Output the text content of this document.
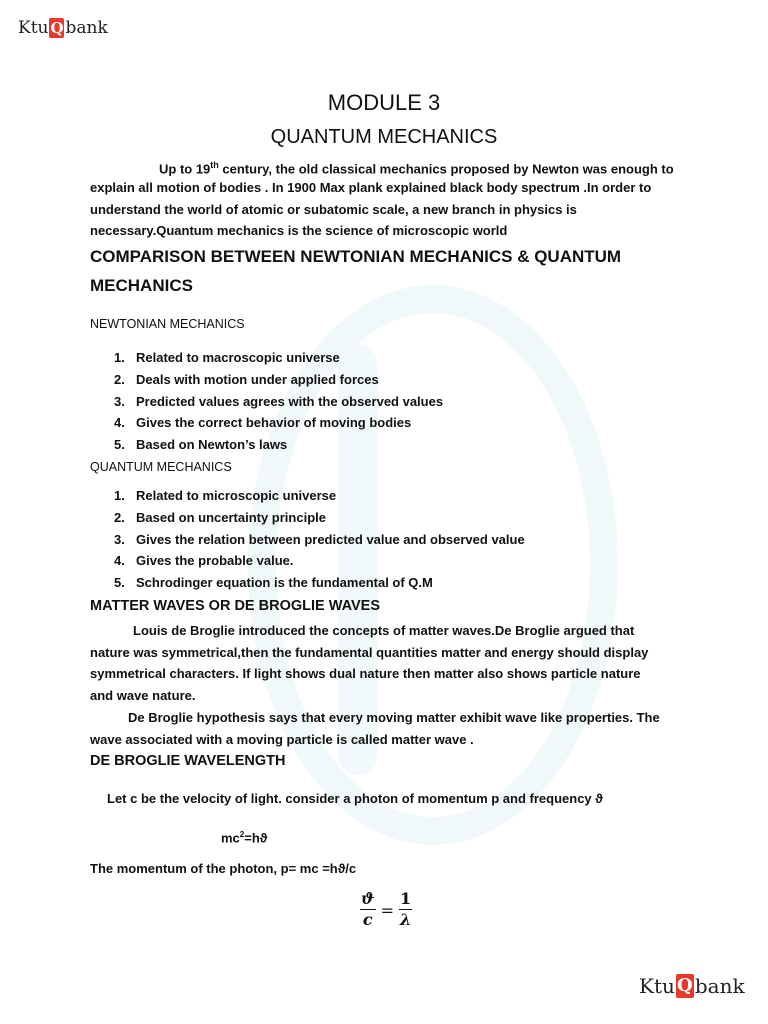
Ktu Q bank
MODULE 3
QUANTUM MECHANICS
Up to 19th century, the old classical mechanics proposed by Newton was enough to
explain all motion of bodies . In 1900 Max plank explained black body spectrum .In order to
understand the world of atomic or subatomic scale, a new branch in physics is
necessary.Quantum mechanics is the science of microscopic world
COMPARISON BETWEEN NEWTONIAN MECHANICS & QUANTUM
MECHANICS
NEWTONIAN MECHANICS
1. Related to macroscopic universe
2. Deals with motion under applied forces
3. Predicted values agrees with the observed values
4. Gives the correct behavior of moving bodies
5. Based on Newton’s laws
QUANTUM MECHANICS
1. Related to microscopic universe
2. Based on uncertainty principle
3. Gives the relation between predicted value and observed value
4. Gives the probable value.
5. Schrodinger equation is the fundamental of Q.M
MATTER WAVES OR DE BROGLIE WAVES
Louis de Broglie introduced the concepts of matter waves.De Broglie argued that
nature was symmetrical,then the fundamental quantities matter and energy should display
symmetrical characters. If light shows dual nature then matter also shows particle nature
and wave nature.
De Broglie hypothesis says that every moving matter exhibit wave like properties. The
wave associated with a moving particle is called matter wave .
DE BROGLIE WAVELENGTH
Let c be the velocity of light. consider a photon of momentum p and frequency ϑ
$mc^2=hϑ$
The momentum of the photon, p= mc =hϑ/c
$\frac{ϑ}{c} = \frac{1}{\lambda}$
Ktu Q bank
